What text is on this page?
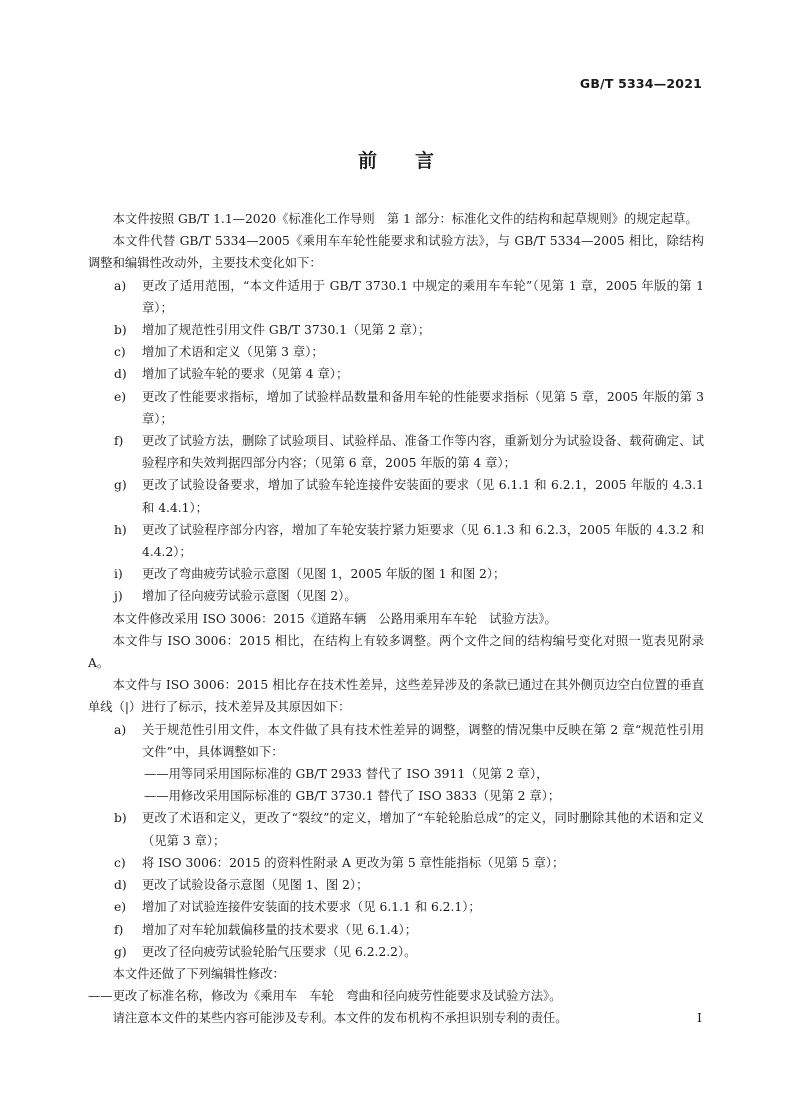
GB/T 5334—2021
前言

本文件按照 GB/T 1.1—2020《标准化工作导则　第 1 部分：标准化文件的结构和起草规则》的规定起草。

本文件代替 GB/T 5334—2005《乘用车车轮性能要求和试验方法》，与 GB/T 5334—2005 相比，除结构调整和编辑性改动外，主要技术变化如下：

a)	更改了适用范围，“本文件适用于 GB/T 3730.1 中规定的乘用车车轮”（见第 1 章，2005 年版的第 1 章）；
b)	增加了规范性引用文件 GB/T 3730.1（见第 2 章）；
c)	增加了术语和定义（见第 3 章）；
d)	增加了试验车轮的要求（见第 4 章）；
e)	更改了性能要求指标，增加了试验样品数量和备用车轮的性能要求指标（见第 5 章，2005 年版的第 3 章）；
f)	更改了试验方法，删除了试验项目、试验样品、准备工作等内容，重新划分为试验设备、载荷确定、试验程序和失效判据四部分内容；（见第 6 章，2005 年版的第 4 章）；
g)	更改了试验设备要求，增加了试验车轮连接件安装面的要求（见 6.1.1 和 6.2.1，2005 年版的 4.3.1 和 4.4.1）；
h)	更改了试验程序部分内容，增加了车轮安装拧紧力矩要求（见 6.1.3 和 6.2.3，2005 年版的 4.3.2 和 4.4.2）；
i)	更改了弯曲疲劳试验示意图（见图 1，2005 年版的图 1 和图 2）；
j)	增加了径向疲劳试验示意图（见图 2）。

本文件修改采用 ISO 3006：2015《道路车辆　公路用乘用车车轮　试验方法》。

本文件与 ISO 3006：2015 相比，在结构上有较多调整。两个文件之间的结构编号变化对照一览表见附录 A。

本文件与 ISO 3006：2015 相比存在技术性差异，这些差异涉及的条款已通过在其外侧页边空白位置的垂直单线（|）进行了标示，技术差异及其原因如下：

a)	关于规范性引用文件，本文件做了具有技术性差异的调整，调整的情况集中反映在第 2 章“规范性引用文件”中，具体调整如下：

——用等同采用国际标准的 GB/T 2933 替代了 ISO 3911（见第 2 章），

——用修改采用国际标准的 GB/T 3730.1 替代了 ISO 3833（见第 2 章）；

b)	更改了术语和定义，更改了“裂纹”的定义，增加了“车轮轮胎总成”的定义，同时删除其他的术语和定义（见第 3 章）；
c)	将 ISO 3006：2015 的资料性附录 A 更改为第 5 章性能指标（见第 5 章）；
d)	更改了试验设备示意图（见图 1、图 2）；
e)	增加了对试验连接件安装面的技术要求（见 6.1.1 和 6.2.1）；
f)	增加了对车轮加载偏移量的技术要求（见 6.1.4）；
g)	更改了径向疲劳试验轮胎气压要求（见 6.2.2.2）。

本文件还做了下列编辑性修改：

——更改了标准名称，修改为《乘用车　车轮　弯曲和径向疲劳性能要求及试验方法》。

请注意本文件的某些内容可能涉及专利。本文件的发布机构不承担识别专利的责任。	I
